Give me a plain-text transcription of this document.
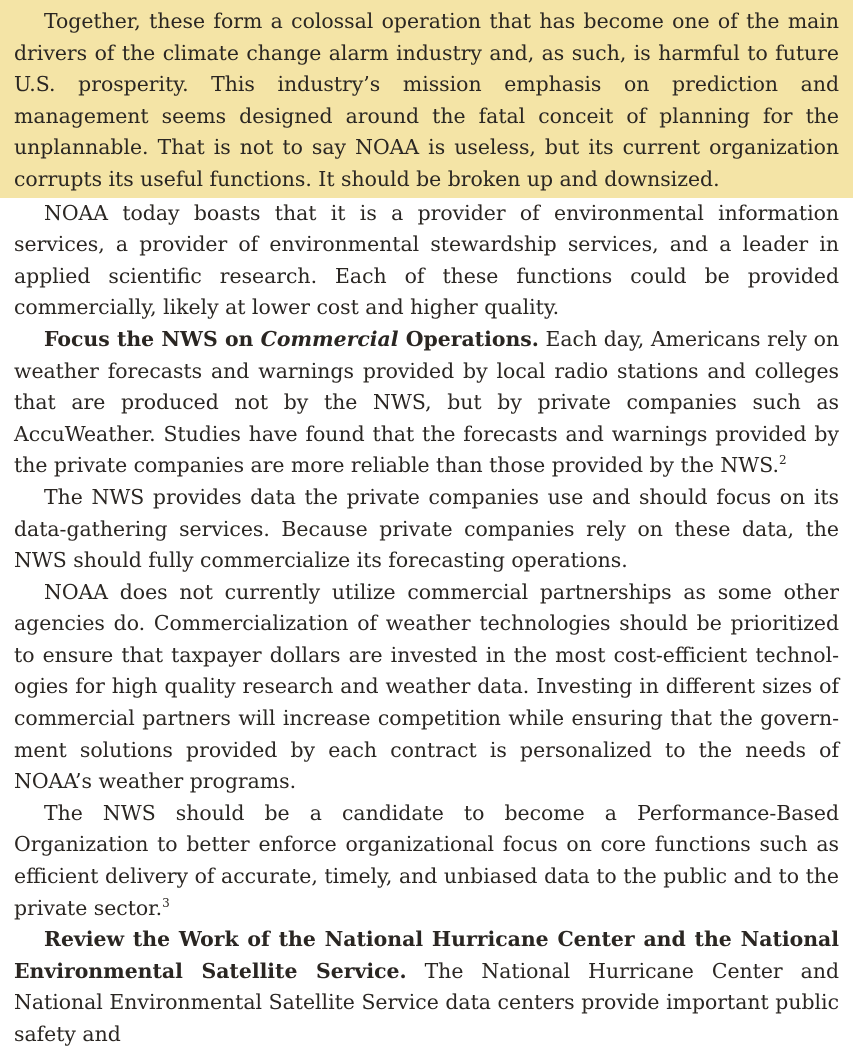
Together, these form a colossal operation that has become one of the main drivers of the climate change alarm industry and, as such, is harmful to future U.S. prosperity. This industry’s mission emphasis on prediction and management seems designed around the fatal conceit of planning for the unplannable. That is not to say NOAA is useless, but its current organization corrupts its useful functions. It should be broken up and downsized.

NOAA today boasts that it is a provider of environmental information services, a provider of environmental stewardship services, and a leader in applied scientific research. Each of these functions could be provided commercially, likely at lower cost and higher quality.

Focus the NWS on Commercial Operations. Each day, Americans rely on weather forecasts and warnings provided by local radio stations and colleges that are produced not by the NWS, but by private companies such as AccuWeather. Studies have found that the forecasts and warnings provided by the private companies are more reliable than those provided by the NWS.$^2$

The NWS provides data the private companies use and should focus on its data-gathering services. Because private companies rely on these data, the NWS should fully commercialize its forecasting operations.

NOAA does not currently utilize commercial partnerships as some other agencies do. Commercialization of weather technologies should be prioritized to ensure that taxpayer dollars are invested in the most cost-efficient technologies for high quality research and weather data. Investing in different sizes of commercial partners will increase competition while ensuring that the government solutions provided by each contract is personalized to the needs of NOAA’s weather programs.

The NWS should be a candidate to become a Performance-Based Organization to better enforce organizational focus on core functions such as efficient delivery of accurate, timely, and unbiased data to the public and to the private sector.$^3$

Review the Work of the National Hurricane Center and the National Environmental Satellite Service. The National Hurricane Center and National Environmental Satellite Service data centers provide important public safety and
